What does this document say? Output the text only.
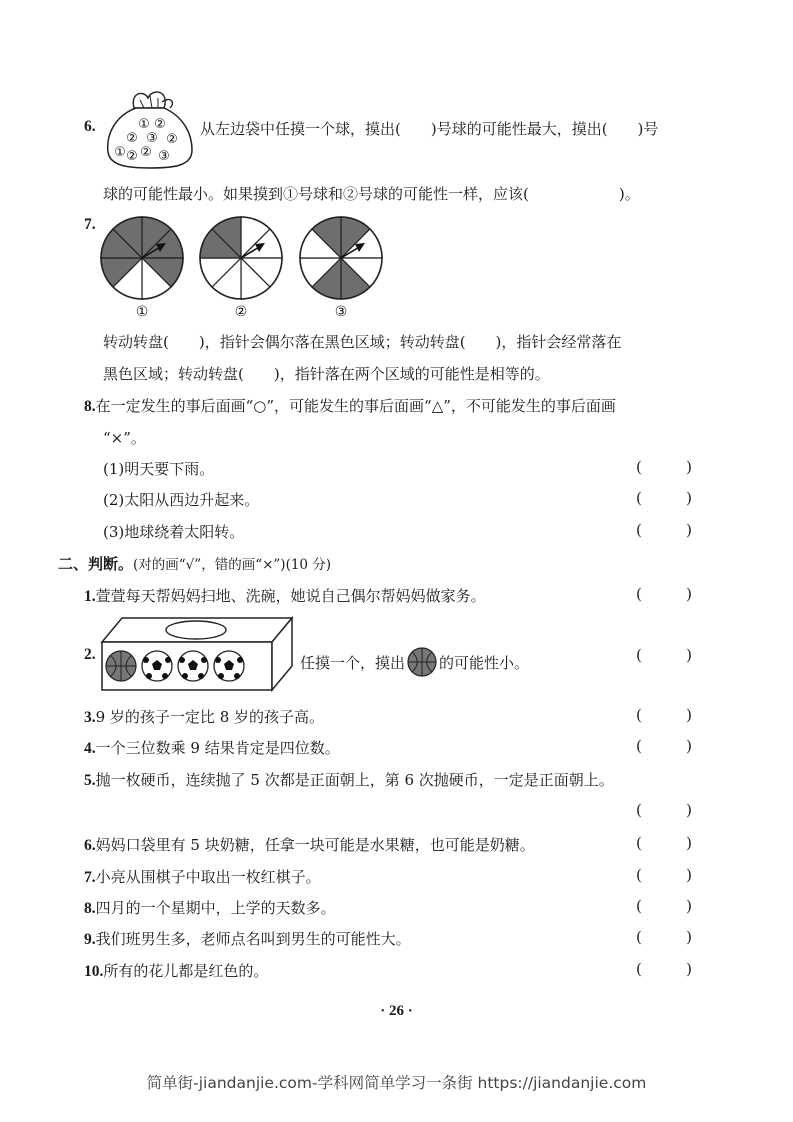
6.	① ②
② ③ ②
②
① ② ③
从左边袋中任摸一个球，摸出(　　)号球的可能性最大，摸出(　　)号
球的可能性最小。如果摸到①号球和②号球的可能性一样，应该(　　　　　　)。
7.
①	②	③
转动转盘(　　)，指针会偶尔落在黑色区域；转动转盘(　　)，指针会经常落在
黑色区域；转动转盘(　　)，指针落在两个区域的可能性是相等的。
8.在一定发生的事后面画“○”，可能发生的事后面画“△”，不可能发生的事后面画
“×”。
(1)明天要下雨。	(	)
(2)太阳从西边升起来。	(	)
(3)地球绕着太阳转。	(	)
二、判断。(对的画“√”，错的画“×”)(10 分)
1.萱萱每天帮妈妈扫地、洗碗，她说自己偶尔帮妈妈做家务。	(	)
2.	任摸一个，摸出 的可能性小。	(	)
3.9 岁的孩子一定比 8 岁的孩子高。	(	)
4.一个三位数乘 9 结果肯定是四位数。	(	)
5.抛一枚硬币，连续抛了 5 次都是正面朝上，第 6 次抛硬币，一定是正面朝上。
(	)
6.妈妈口袋里有 5 块奶糖，任拿一块可能是水果糖，也可能是奶糖。	(	)
7.小亮从围棋子中取出一枚红棋子。	(	)
8.四月的一个星期中，上学的天数多。	(	)
9.我们班男生多，老师点名叫到男生的可能性大。	(	)
10.所有的花儿都是红色的。	(	)
· 26 ·
简单街-jiandanjie.com-学科网简单学习一条街 https://jiandanjie.com
